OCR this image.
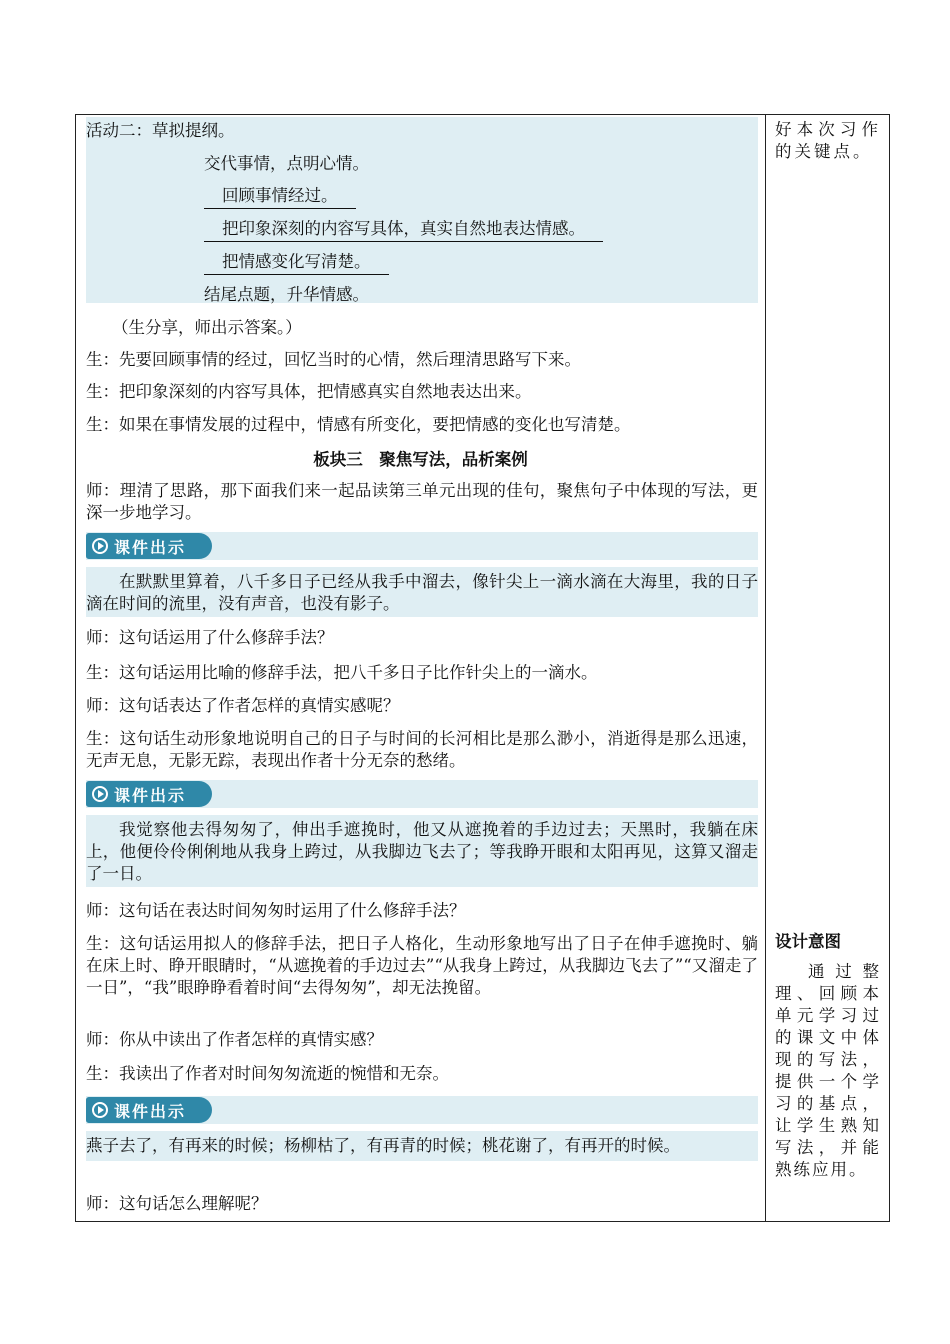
活动二：草拟提纲。
交代事情，点明心情。
回顾事情经过。
把印象深刻的内容写具体，真实自然地表达情感。
把情感变化写清楚。
结尾点题，升华情感。
（生分享，师出示答案。）
生：先要回顾事情的经过，回忆当时的心情，然后理清思路写下来。
生：把印象深刻的内容写具体，把情感真实自然地表达出来。
生：如果在事情发展的过程中，情感有所变化，要把情感的变化也写清楚。
板块三　聚焦写法，品析案例
师：理清了思路，那下面我们来一起品读第三单元出现的佳句，聚焦句子中体现的写法，更深一步地学习。
课件出示
在默默里算着，八千多日子已经从我手中溜去，像针尖上一滴水滴在大海里，我的日子滴在时间的流里，没有声音，也没有影子。
师：这句话运用了什么修辞手法？
生：这句话运用比喻的修辞手法，把八千多日子比作针尖上的一滴水。
师：这句话表达了作者怎样的真情实感呢？
生：这句话生动形象地说明自己的日子与时间的长河相比是那么渺小，消逝得是那么迅速，无声无息，无影无踪，表现出作者十分无奈的愁绪。
课件出示
我觉察他去得匆匆了，伸出手遮挽时，他又从遮挽着的手边过去；天黑时，我躺在床上，他便伶伶俐俐地从我身上跨过，从我脚边飞去了；等我睁开眼和太阳再见，这算又溜走了一日。
师：这句话在表达时间匆匆时运用了什么修辞手法？
生：这句话运用拟人的修辞手法，把日子人格化，生动形象地写出了日子在伸手遮挽时、躺在床上时、睁开眼睛时，“从遮挽着的手边过去”“从我身上跨过，从我脚边飞去了”“又溜走了一日”，“我”眼睁睁看着时间“去得匆匆”，却无法挽留。
师：你从中读出了作者怎样的真情实感？
生：我读出了作者对时间匆匆流逝的惋惜和无奈。
课件出示
燕子去了，有再来的时候；杨柳枯了，有再青的时候；桃花谢了，有再开的时候。
师：这句话怎么理解呢？
好本次习作的关键点。
设计意图
通过整理、回顾本单元学习过的课文中体现的写法，提供一个学习的基点，让学生熟知写法，并能熟练应用。
